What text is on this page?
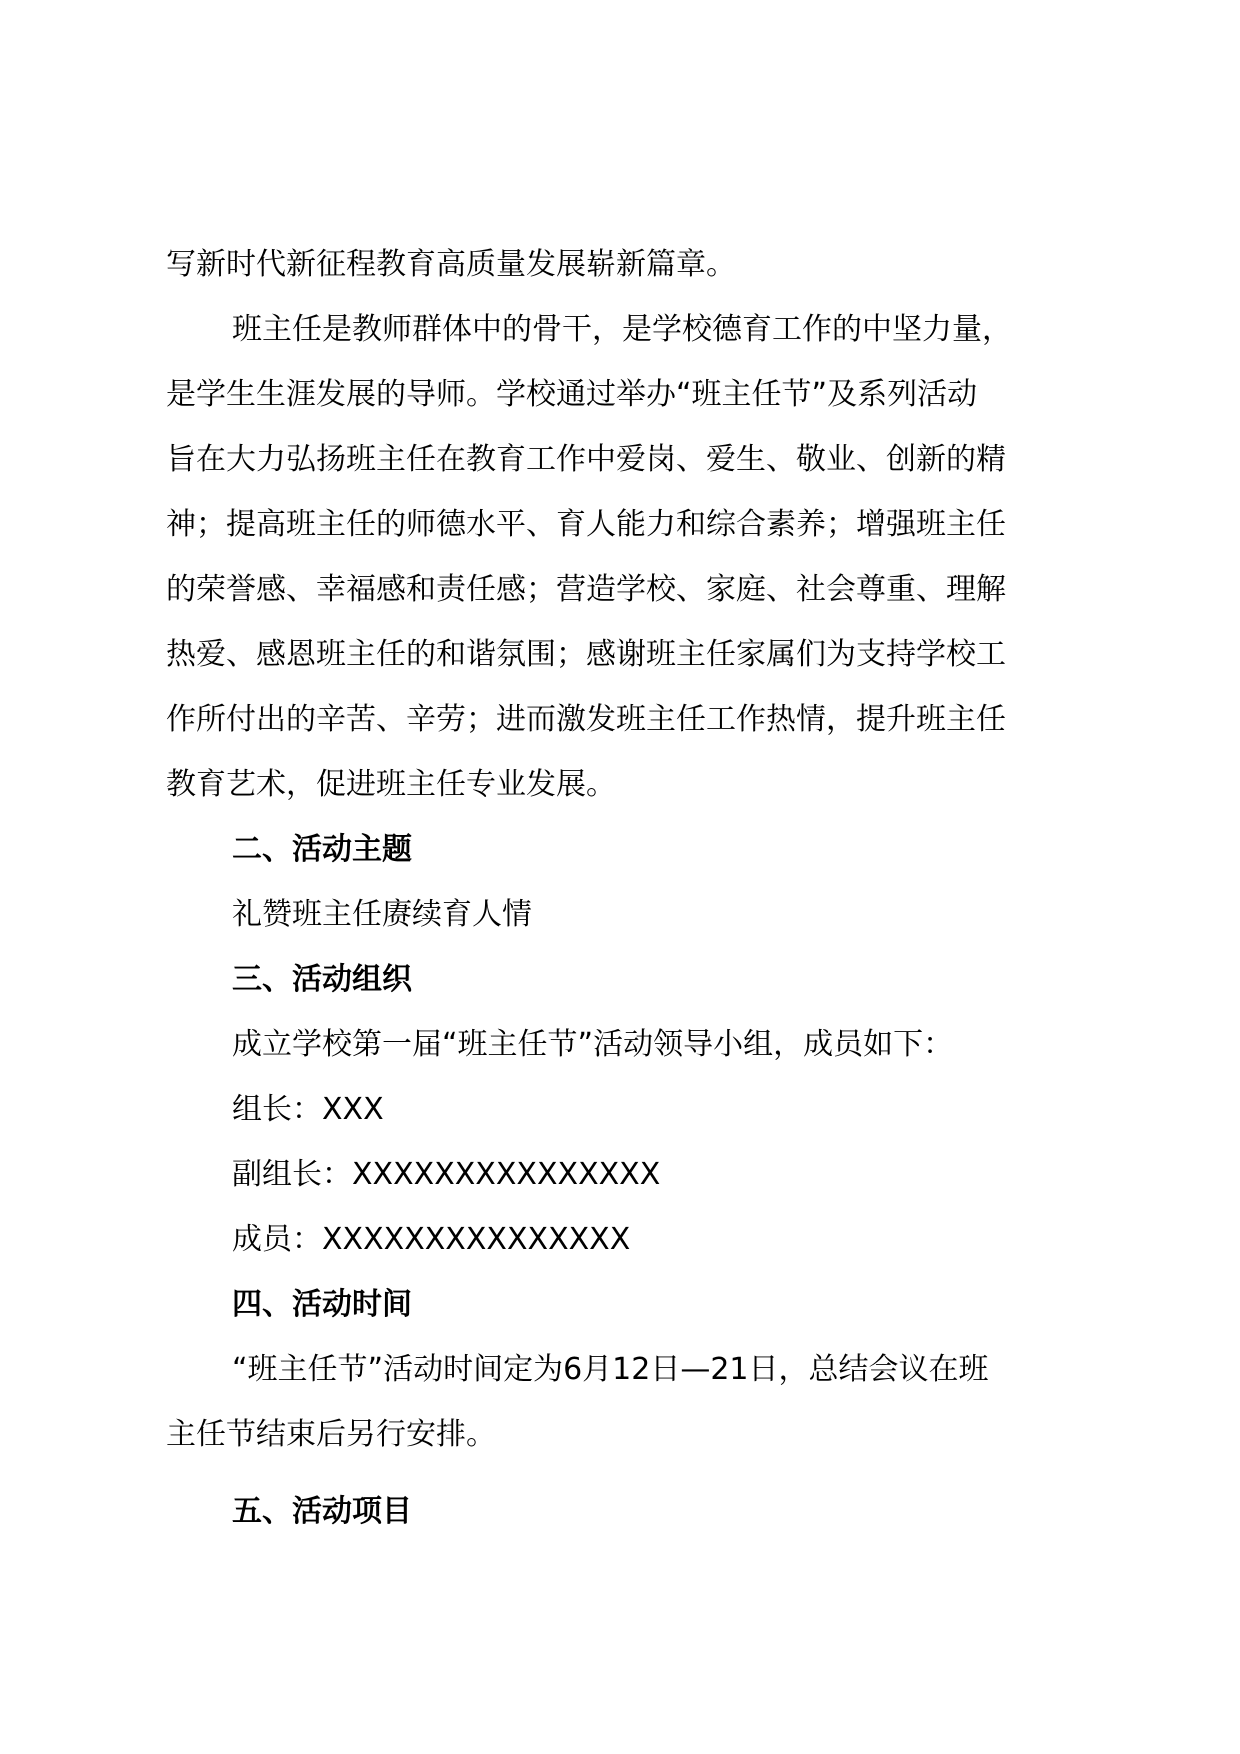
写新时代新征程教育高质量发展崭新篇章。
班主任是教师群体中的骨干，是学校德育工作的中坚力量，
是学生生涯发展的导师。学校通过举办“班主任节”及系列活动
旨在大力弘扬班主任在教育工作中爱岗、爱生、敬业、创新的精
神；提高班主任的师德水平、育人能力和综合素养；增强班主任
的荣誉感、幸福感和责任感；营造学校、家庭、社会尊重、理解
热爱、感恩班主任的和谐氛围；感谢班主任家属们为支持学校工
作所付出的辛苦、辛劳；进而激发班主任工作热情，提升班主任
教育艺术，促进班主任专业发展。
二、活动主题
礼赞班主任赓续育人情
三、活动组织
成立学校第一届“班主任节”活动领导小组，成员如下：
组长：XXX
副组长：XXXXXXXXXXXXXXX
成员：XXXXXXXXXXXXXXX
四、活动时间
“班主任节”活动时间定为6月12日—21日，总结会议在班
主任节结束后另行安排。
五、活动项目
